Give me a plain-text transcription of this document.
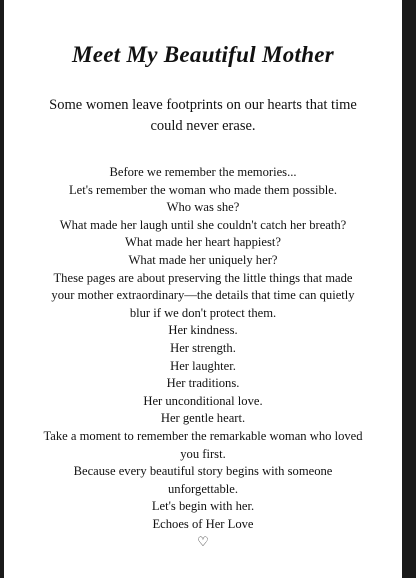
Meet My Beautiful Mother
Some women leave footprints on our hearts that time
could never erase.
Before we remember the memories...
Let's remember the woman who made them possible.
Who was she?
What made her laugh until she couldn't catch her breath?
What made her heart happiest?
What made her uniquely her?
These pages are about preserving the little things that made
your mother extraordinary—the details that time can quietly
blur if we don't protect them.
Her kindness.
Her strength.
Her laughter.
Her traditions.
Her unconditional love.
Her gentle heart.
Take a moment to remember the remarkable woman who loved
you first.
Because every beautiful story begins with someone
unforgettable.
Let's begin with her.
Echoes of Her Love
♡
